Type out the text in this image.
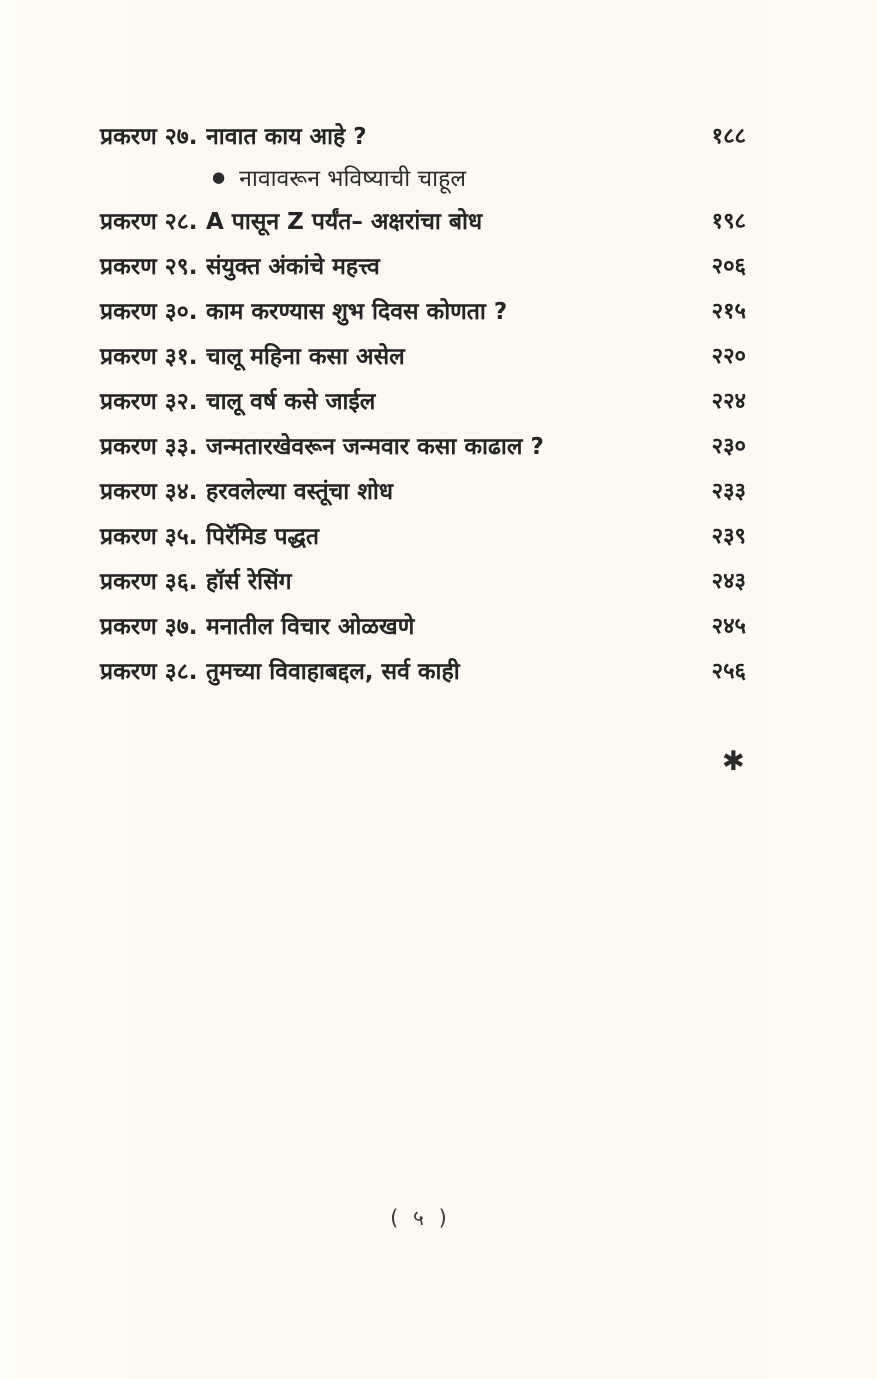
प्रकरण २७. नावात काय आहे ?	१८८
● नावावरून भविष्याची चाहूल
प्रकरण २८. A पासून Z पर्यंत– अक्षरांचा बोध	१९८
प्रकरण २९. संयुक्त अंकांचे महत्त्व	२०६
प्रकरण ३०. काम करण्यास शुभ दिवस कोणता ?	२१५
प्रकरण ३१. चालू महिना कसा असेल	२२०
प्रकरण ३२. चालू वर्ष कसे जाईल	२२४
प्रकरण ३३. जन्मतारखेवरून जन्मवार कसा काढाल ?	२३०
प्रकरण ३४. हरवलेल्या वस्तूंचा शोध	२३३
प्रकरण ३५. पिरॅमिड पद्धत	२३९
प्रकरण ३६. हॉर्स रेसिंग	२४३
प्रकरण ३७. मनातील विचार ओळखणे	२४५
प्रकरण ३८. तुमच्या विवाहाबद्दल, सर्व काही	२५६
✱
( ५ )
